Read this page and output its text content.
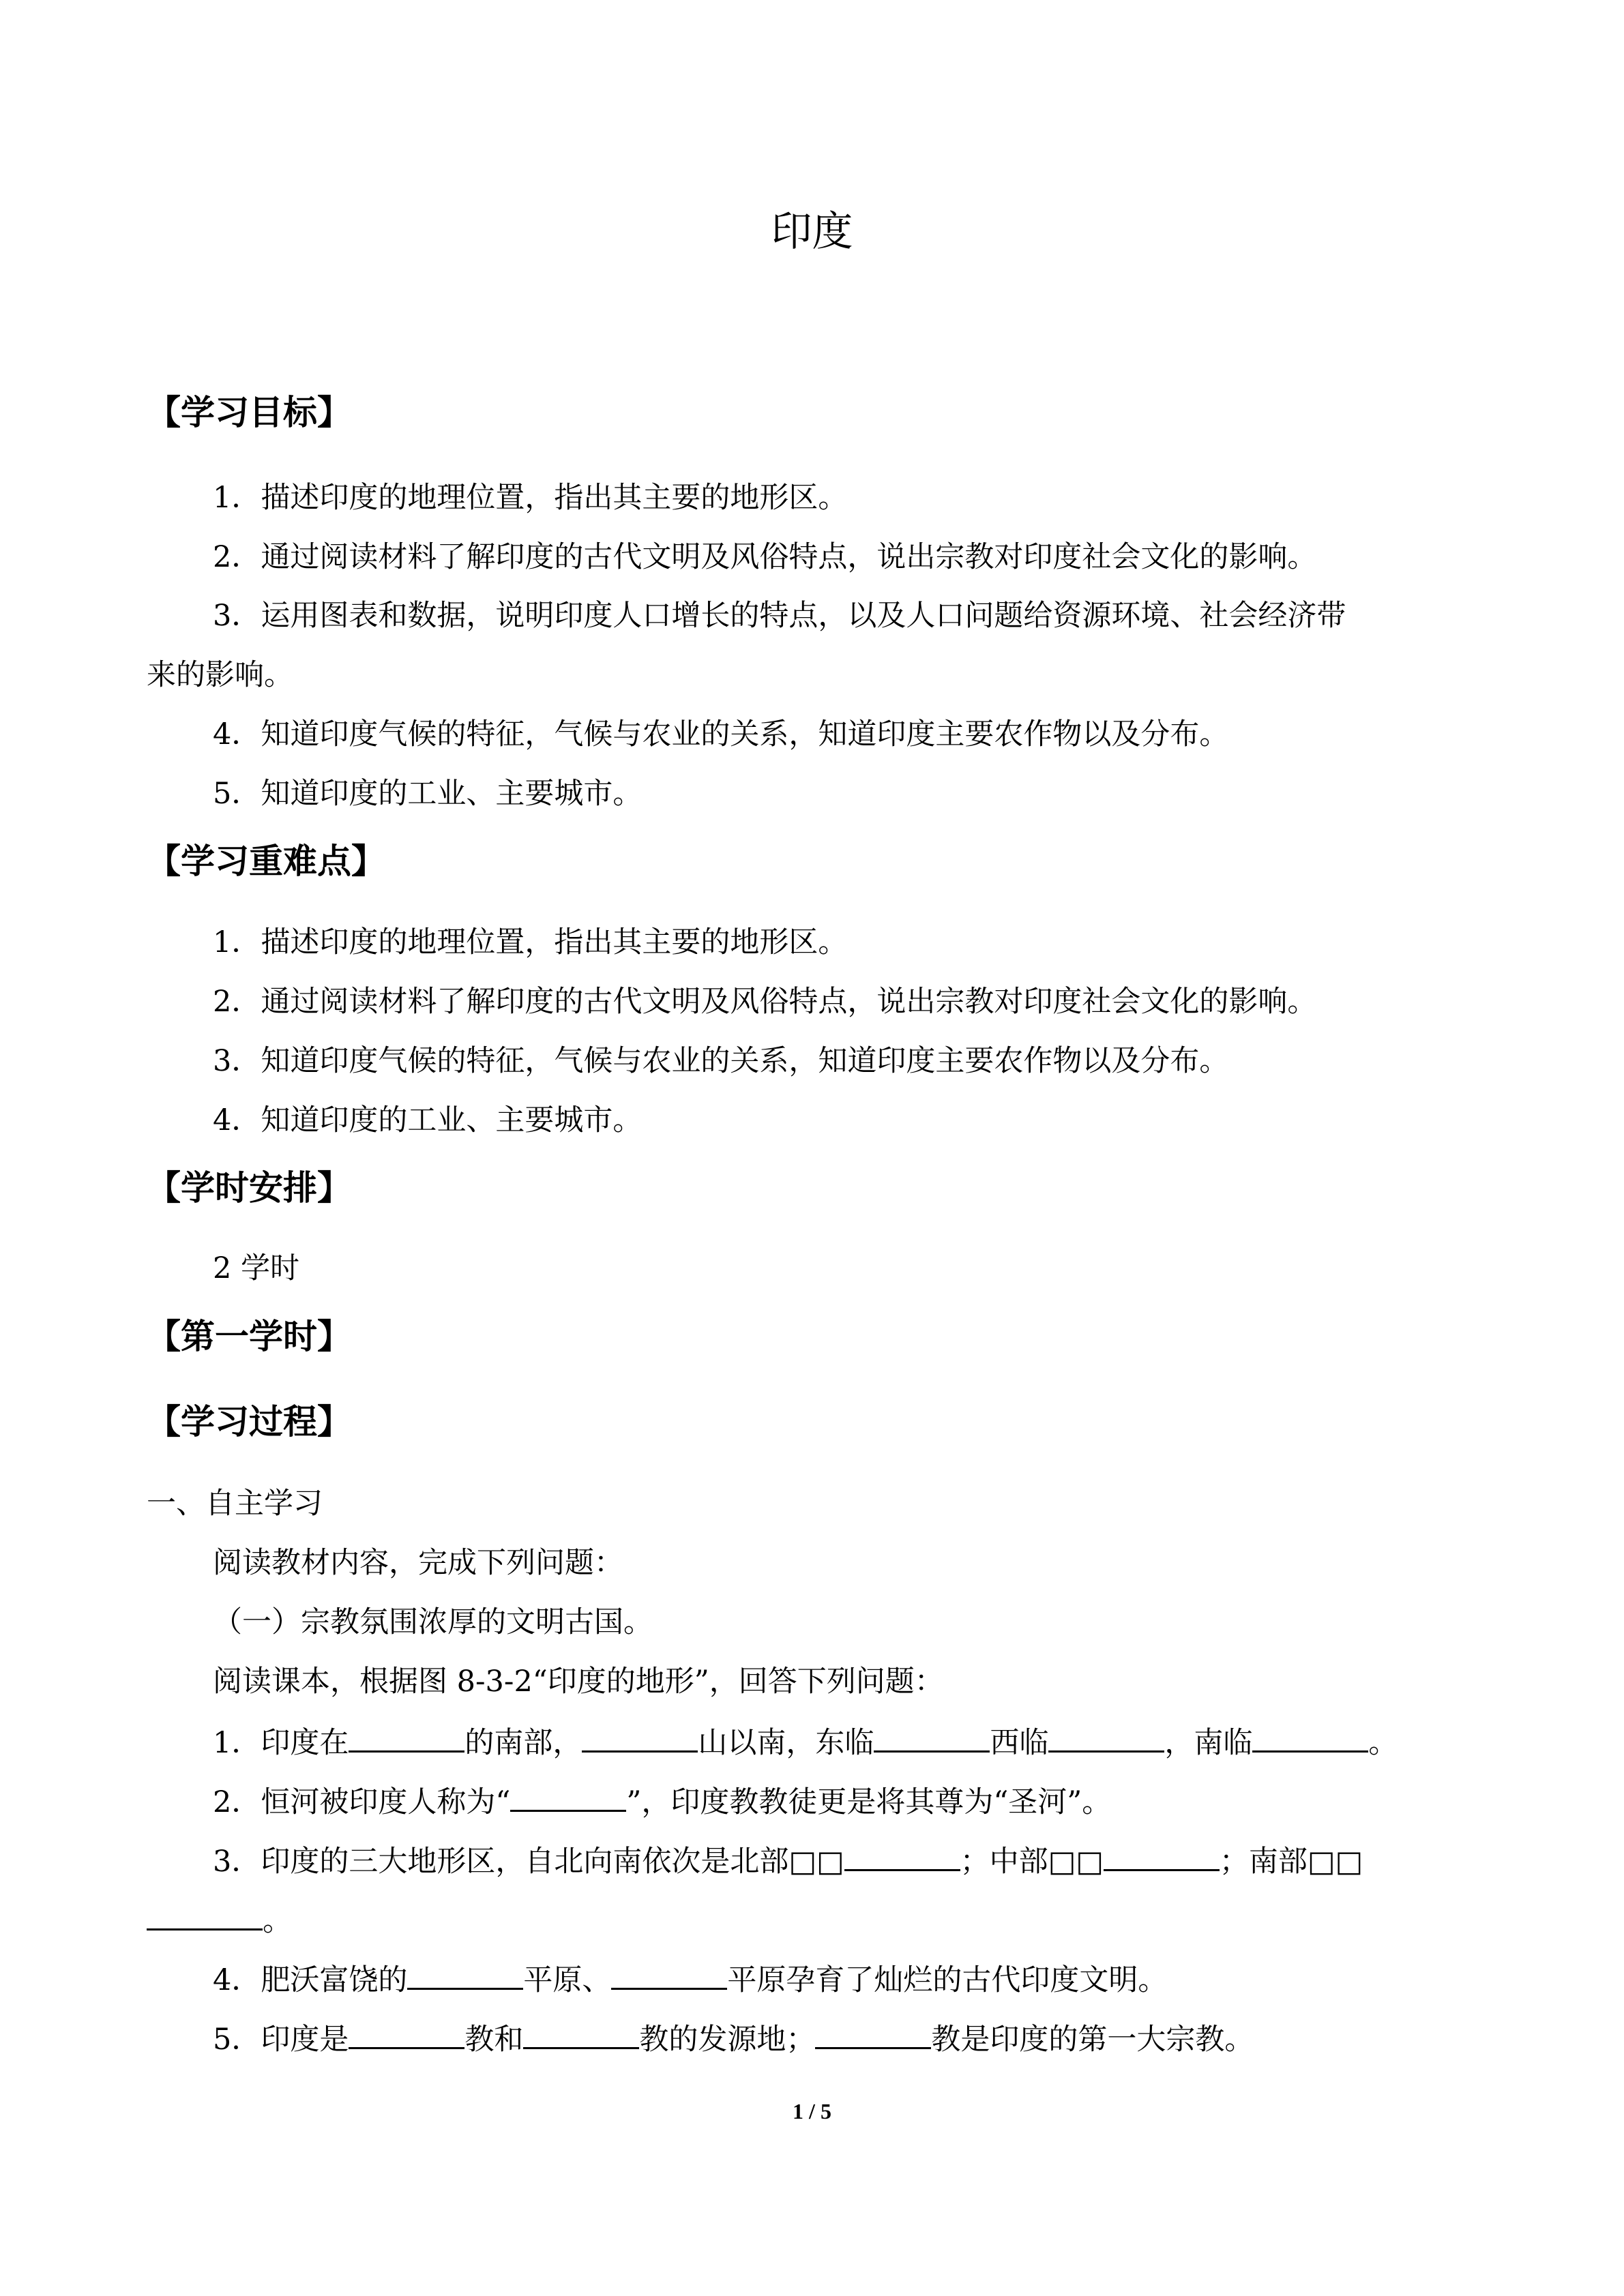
印度
【学习目标】
1．描述印度的地理位置，指出其主要的地形区。
2．通过阅读材料了解印度的古代文明及风俗特点，说出宗教对印度社会文化的影响。
3．运用图表和数据，说明印度人口增长的特点，以及人口问题给资源环境、社会经济带
来的影响。
4．知道印度气候的特征，气候与农业的关系，知道印度主要农作物以及分布。
5．知道印度的工业、主要城市。
【学习重难点】
1．描述印度的地理位置，指出其主要的地形区。
2．通过阅读材料了解印度的古代文明及风俗特点，说出宗教对印度社会文化的影响。
3．知道印度气候的特征，气候与农业的关系，知道印度主要农作物以及分布。
4．知道印度的工业、主要城市。
【学时安排】
2 学时
【第一学时】
【学习过程】
一、自主学习
阅读教材内容，完成下列问题：
（一）宗教氛围浓厚的文明古国。
阅读课本，根据图 8-3-2“印度的地形”，回答下列问题：
1．印度在	的南部，	山以南，东临	西临	，南临	。
2．恒河被印度人称为“	”，印度教教徒更是将其尊为“圣河”。
3．印度的三大地形区，自北向南依次是北部□□	；中部□□	；南部□□
。
4．肥沃富饶的	平原、	平原孕育了灿烂的古代印度文明。
5．印度是	教和	教的发源地；	教是印度的第一大宗教。
1 / 5
